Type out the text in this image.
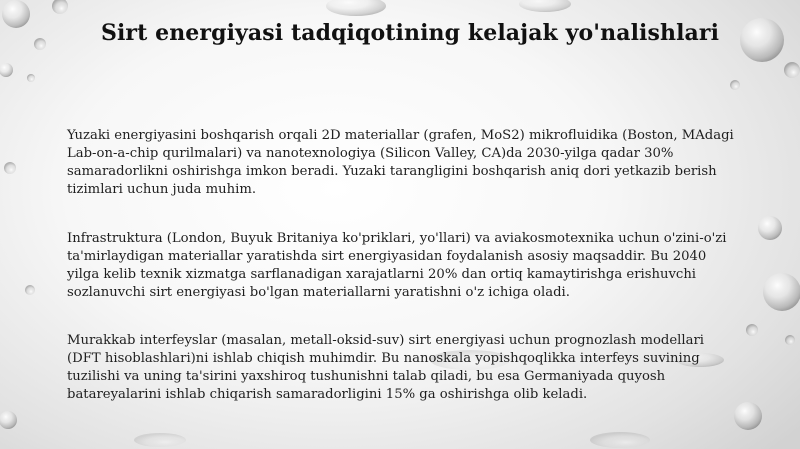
Sirt energiyasi tadqiqotining kelajak yo'nalishlari
Yuzaki energiyasini boshqarish orqali 2D materiallar (grafen, MoS2) mikrofluidika (Boston, MAdagi Lab-on-a-chip qurilmalari) va nanotexnologiya (Silicon Valley, CA)da 2030-yilga qadar 30% samaradorlikni oshirishga imkon beradi. Yuzaki tarangligini boshqarish aniq dori yetkazib berish tizimlari uchun juda muhim.
Infrastruktura (London, Buyuk Britaniya ko'priklari, yo'llari) va aviakosmotexnika uchun o'zini-o'zi ta'mirlaydigan materiallar yaratishda sirt energiyasidan foydalanish asosiy maqsaddir. Bu 2040 yilga kelib texnik xizmatga sarflanadigan xarajatlarni 20% dan ortiq kamaytirishga erishuvchi sozlanuvchi sirt energiyasi bo'lgan materiallarni yaratishni o'z ichiga oladi.
Murakkab interfeyslar (masalan, metall-oksid-suv) sirt energiyasi uchun prognozlash modellari (DFT hisoblashlari)ni ishlab chiqish muhimdir. Bu nanoskala yopishqoqlikka interfeys suvining tuzilishi va uning ta'sirini yaxshiroq tushunishni talab qiladi, bu esa Germaniyada quyosh batareyalarini ishlab chiqarish samaradorligini 15% ga oshirishga olib keladi.
